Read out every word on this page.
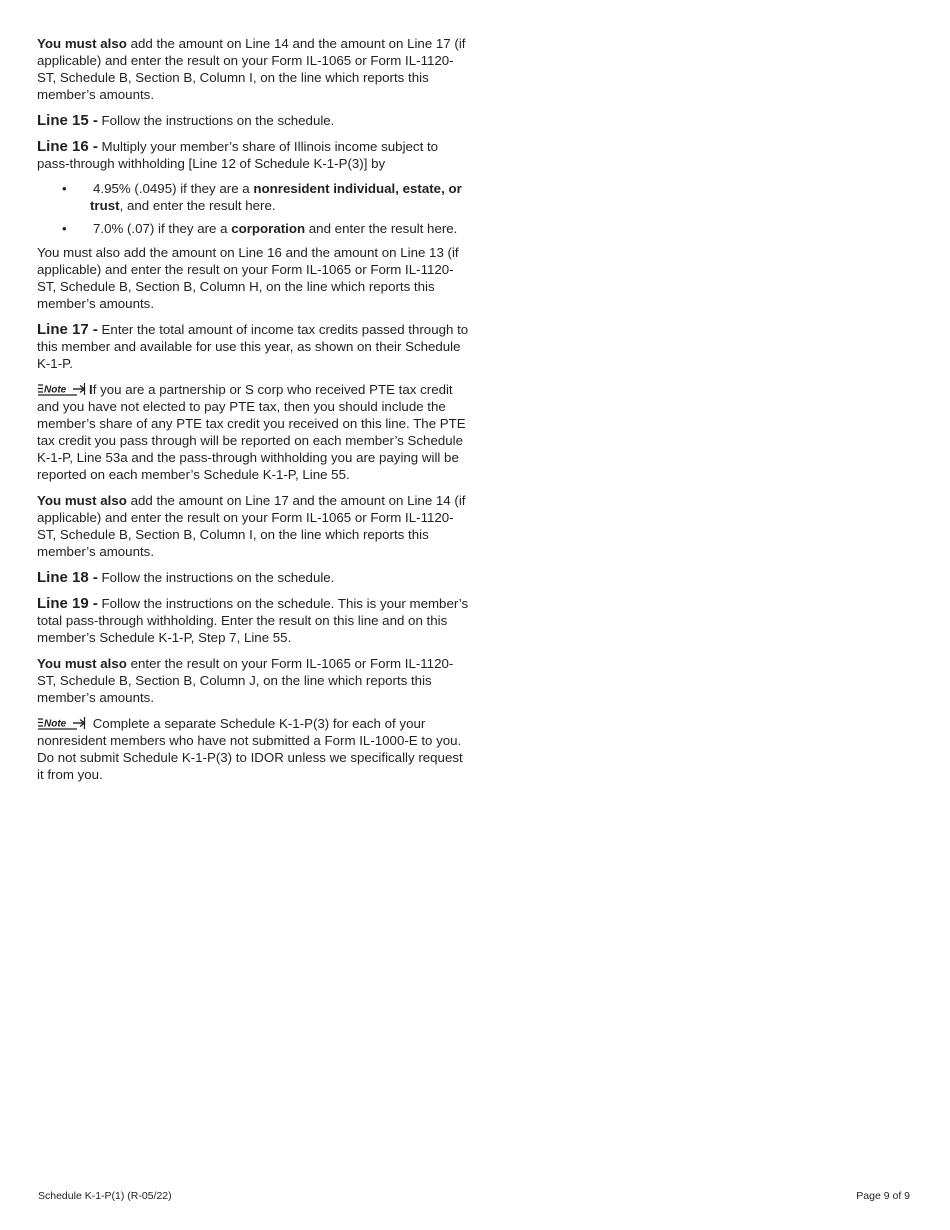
You must also add the amount on Line 14 and the amount on Line 17 (if applicable) and enter the result on your Form IL-1065 or Form IL-1120-ST, Schedule B, Section B, Column I, on the line which reports this member’s amounts.

Line 15 - Follow the instructions on the schedule.

Line 16 - Multiply your member’s share of Illinois income subject to pass-through withholding [Line 12 of Schedule K-1-P(3)] by

• 4.95% (.0495) if they are a nonresident individual, estate, or trust, and enter the result here.
• 7.0% (.07) if they are a corporation and enter the result here.

You must also add the amount on Line 16 and the amount on Line 13 (if applicable) and enter the result on your Form IL-1065 or Form IL-1120-ST, Schedule B, Section B, Column H, on the line which reports this member’s amounts.

Line 17 - Enter the total amount of income tax credits passed through to this member and available for use this year, as shown on their Schedule K-1-P.

Note If you are a partnership or S corp who received PTE tax credit and you have not elected to pay PTE tax, then you should include the member’s share of any PTE tax credit you received on this line. The PTE tax credit you pass through will be reported on each member’s Schedule K-1-P, Line 53a and the pass-through withholding you are paying will be reported on each member’s Schedule K-1-P, Line 55.

You must also add the amount on Line 17 and the amount on Line 14 (if applicable) and enter the result on your Form IL-1065 or Form IL-1120-ST, Schedule B, Section B, Column I, on the line which reports this member’s amounts.

Line 18 - Follow the instructions on the schedule.

Line 19 - Follow the instructions on the schedule. This is your member’s total pass-through withholding. Enter the result on this line and on this member’s Schedule K-1-P, Step 7, Line 55.

You must also enter the result on your Form IL-1065 or Form IL-1120-ST, Schedule B, Section B, Column J, on the line which reports this member’s amounts.

Note Complete a separate Schedule K-1-P(3) for each of your nonresident members who have not submitted a Form IL-1000-E to you. Do not submit Schedule K-1-P(3) to IDOR unless we specifically request it from you.

Schedule K-1-P(1) (R-05/22)	Page 9 of 9
